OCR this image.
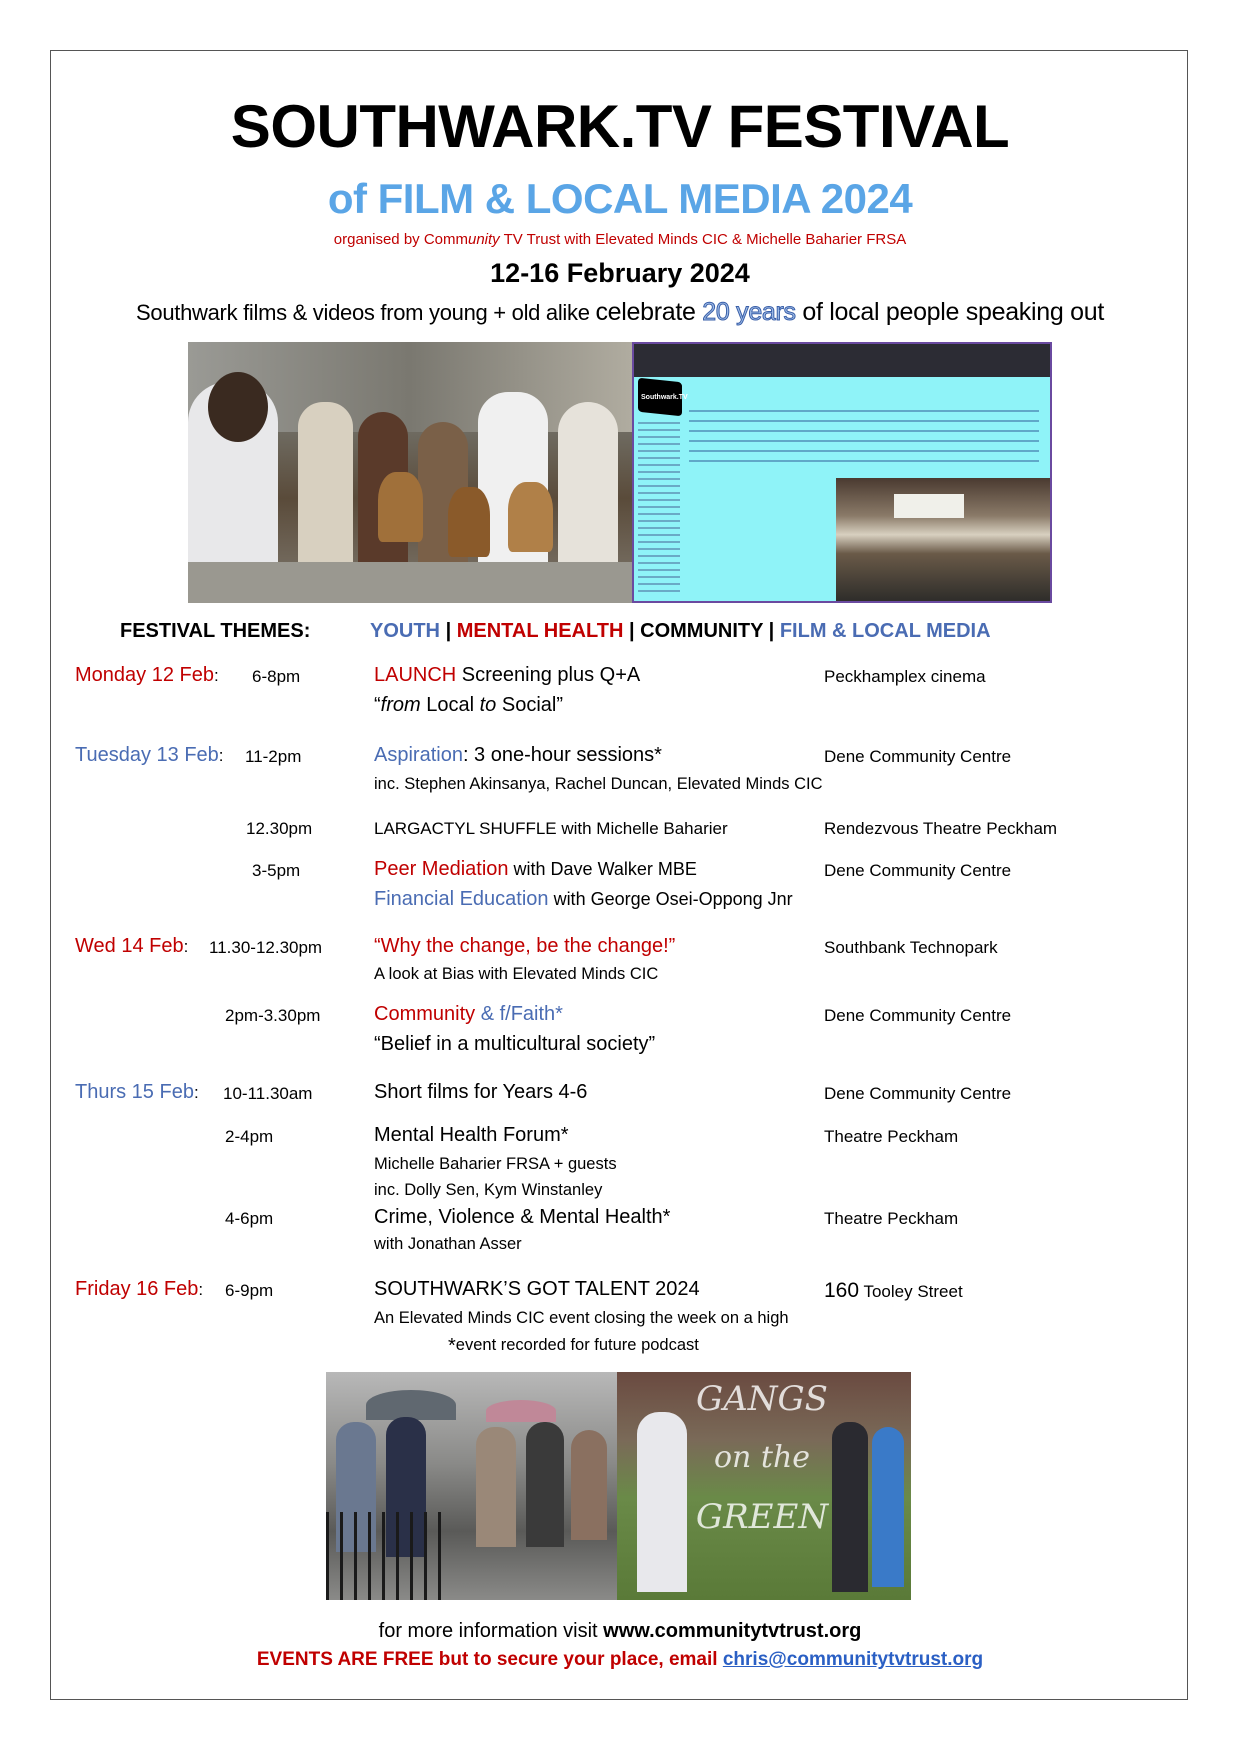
SOUTHWARK.TV FESTIVAL
of FILM & LOCAL MEDIA 2024
organised by Community TV Trust with Elevated Minds CIC & Michelle Baharier FRSA
12-16 February 2024
Southwark films & videos from young + old alike celebrate 20 years of local people speaking out
Southwark.TV
FESTIVAL THEMES:	YOUTH | MENTAL HEALTH | COMMUNITY | FILM & LOCAL MEDIA
Monday 12 Feb: 6-8pm	LAUNCH Screening plus Q+A	Peckhamplex cinema
“from Local to Social”
Tuesday 13 Feb: 11-2pm	Aspiration: 3 one-hour sessions*	Dene Community Centre
inc. Stephen Akinsanya, Rachel Duncan, Elevated Minds CIC
12.30pm	LARGACTYL SHUFFLE with Michelle Baharier	Rendezvous Theatre Peckham
3-5pm	Peer Mediation with Dave Walker MBE	Dene Community Centre
Financial Education with George Osei-Oppong Jnr
Wed 14 Feb: 11.30-12.30pm	“Why the change, be the change!”	Southbank Technopark
A look at Bias with Elevated Minds CIC
2pm-3.30pm	Community & f/Faith*	Dene Community Centre
“Belief in a multicultural society”
Thurs 15 Feb: 10-11.30am	Short films for Years 4-6	Dene Community Centre
2-4pm	Mental Health Forum*	Theatre Peckham
Michelle Baharier FRSA + guests
inc. Dolly Sen, Kym Winstanley
4-6pm	Crime, Violence & Mental Health*	Theatre Peckham
with Jonathan Asser
Friday 16 Feb: 6-9pm	SOUTHWARK’S GOT TALENT 2024	160 Tooley Street
An Elevated Minds CIC event closing the week on a high
*event recorded for future podcast
GANGS
on the
GREEN
for more information visit www.communitytvtrust.org
EVENTS ARE FREE but to secure your place, email chris@communitytvtrust.org
